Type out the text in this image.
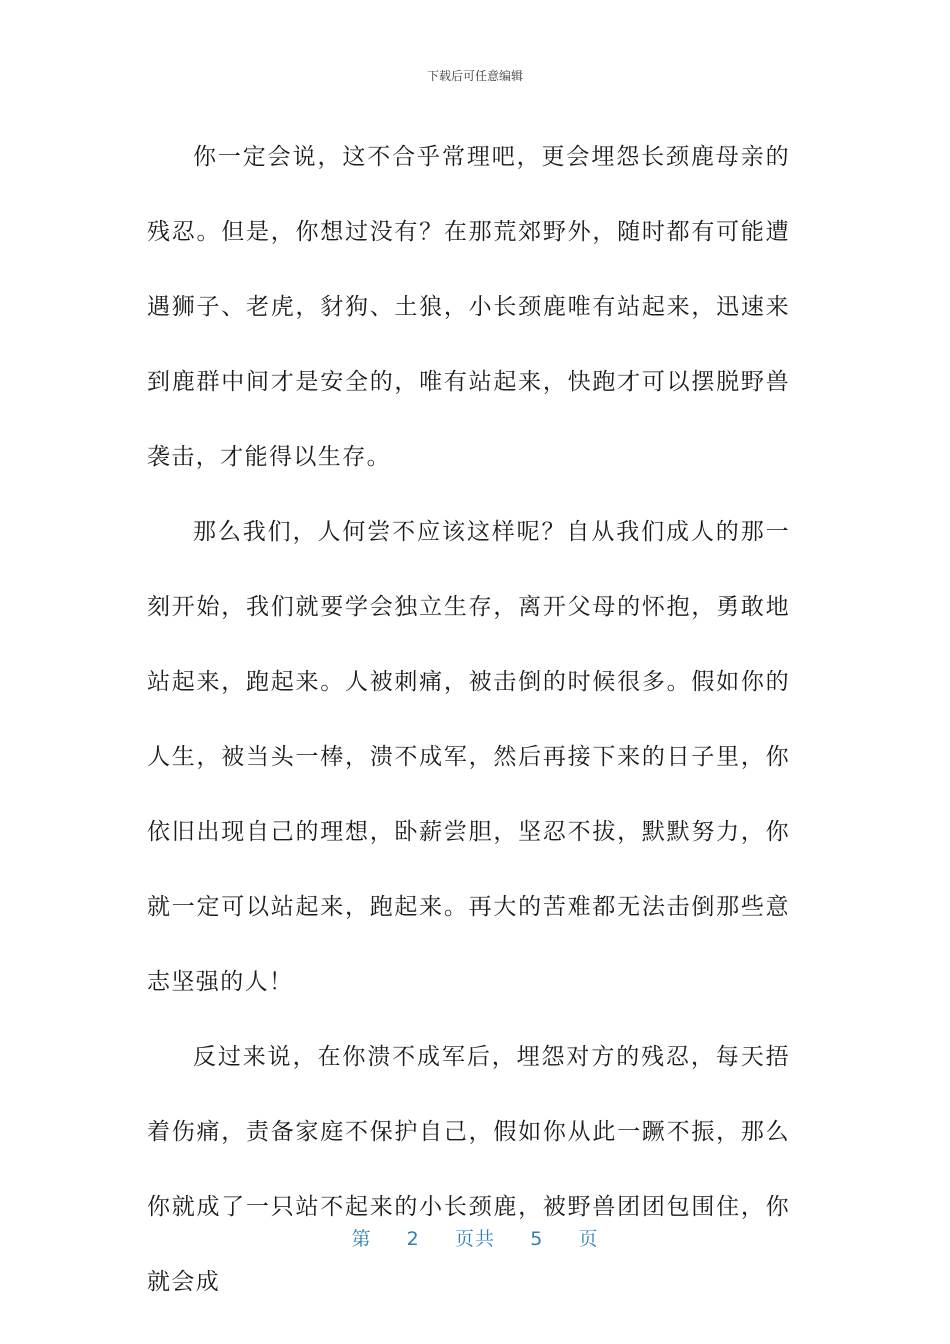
下载后可任意编辑

你一定会说，这不合乎常理吧，更会埋怨长颈鹿母亲的残忍。但是，你想过没有？在那荒郊野外，随时都有可能遭遇狮子、老虎，豺狗、土狼，小长颈鹿唯有站起来，迅速来到鹿群中间才是安全的，唯有站起来，快跑才可以摆脱野兽袭击，才能得以生存。

那么我们，人何尝不应该这样呢？自从我们成人的那一刻开始，我们就要学会独立生存，离开父母的怀抱，勇敢地站起来，跑起来。人被刺痛，被击倒的时候很多。假如你的人生，被当头一棒，溃不成军，然后再接下来的日子里，你依旧出现自己的理想，卧薪尝胆，坚忍不拔，默默努力，你就一定可以站起来，跑起来。再大的苦难都无法击倒那些意志坚强的人！

反过来说，在你溃不成军后，埋怨对方的残忍，每天捂着伤痛，责备家庭不保护自己，假如你从此一蹶不振，那么你就成了一只站不起来的小长颈鹿，被野兽团团包围住，你就会成

第 2 页共 5 页
